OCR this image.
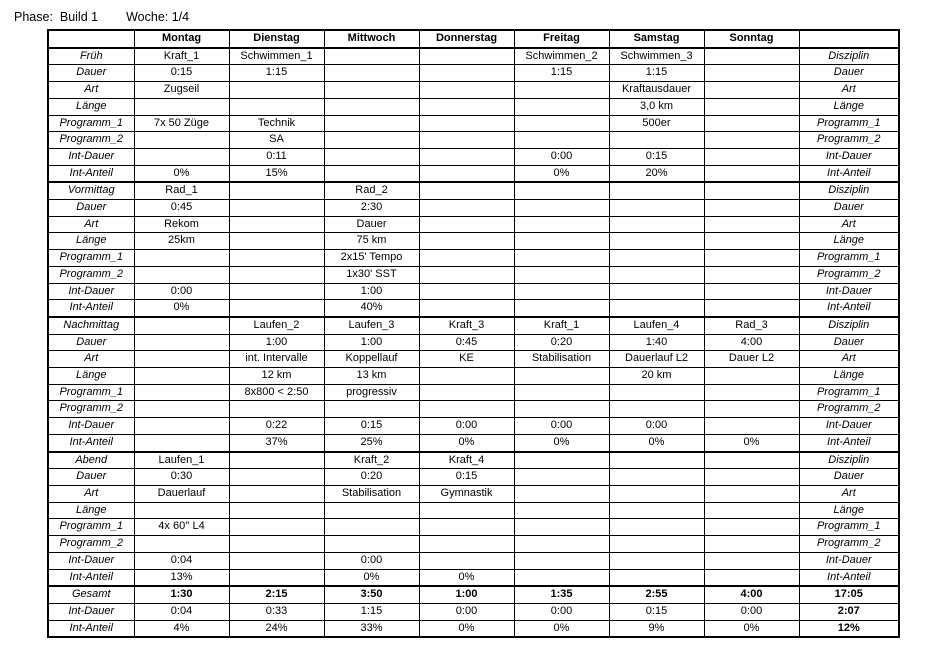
Phase:  Build 1 Woche: 1/4
	Montag	Dienstag	Mittwoch	Donnerstag	Freitag	Samstag	Sonntag	
Früh	Kraft_1	Schwimmen_1			Schwimmen_2	Schwimmen_3		Disziplin
Dauer	0:15	1:15			1:15	1:15		Dauer
Art	Zugseil					Kraftausdauer		Art
Länge						3,0 km		Länge
Programm_1	7x 50 Züge	Technik				500er		Programm_1
Programm_2		SA						Programm_2
Int-Dauer		0:11			0:00	0:15		Int-Dauer
Int-Anteil	0%	15%			0%	20%		Int-Anteil
Vormittag	Rad_1		Rad_2					Disziplin
Dauer	0:45		2:30					Dauer
Art	Rekom		Dauer					Art
Länge	25km		75 km					Länge
Programm_1			2x15' Tempo					Programm_1
Programm_2			1x30' SST					Programm_2
Int-Dauer	0:00		1:00					Int-Dauer
Int-Anteil	0%		40%					Int-Anteil
Nachmittag		Laufen_2	Laufen_3	Kraft_3	Kraft_1	Laufen_4	Rad_3	Disziplin
Dauer		1:00	1:00	0:45	0:20	1:40	4:00	Dauer
Art		int. Intervalle	Koppellauf	KE	Stabilisation	Dauerlauf L2	Dauer L2	Art
Länge		12 km	13 km			20 km		Länge
Programm_1		8x800 < 2:50	progressiv					Programm_1
Programm_2								Programm_2
Int-Dauer		0:22	0:15	0:00	0:00	0:00		Int-Dauer
Int-Anteil		37%	25%	0%	0%	0%	0%	Int-Anteil
Abend	Laufen_1		Kraft_2	Kraft_4				Disziplin
Dauer	0:30		0:20	0:15				Dauer
Art	Dauerlauf		Stabilisation	Gymnastik				Art
Länge								Länge
Programm_1	4x 60'' L4							Programm_1
Programm_2								Programm_2
Int-Dauer	0:04		0:00					Int-Dauer
Int-Anteil	13%		0%	0%				Int-Anteil
Gesamt	1:30	2:15	3:50	1:00	1:35	2:55	4:00	17:05
Int-Dauer	0:04	0:33	1:15	0:00	0:00	0:15	0:00	2:07
Int-Anteil	4%	24%	33%	0%	0%	9%	0%	12%
